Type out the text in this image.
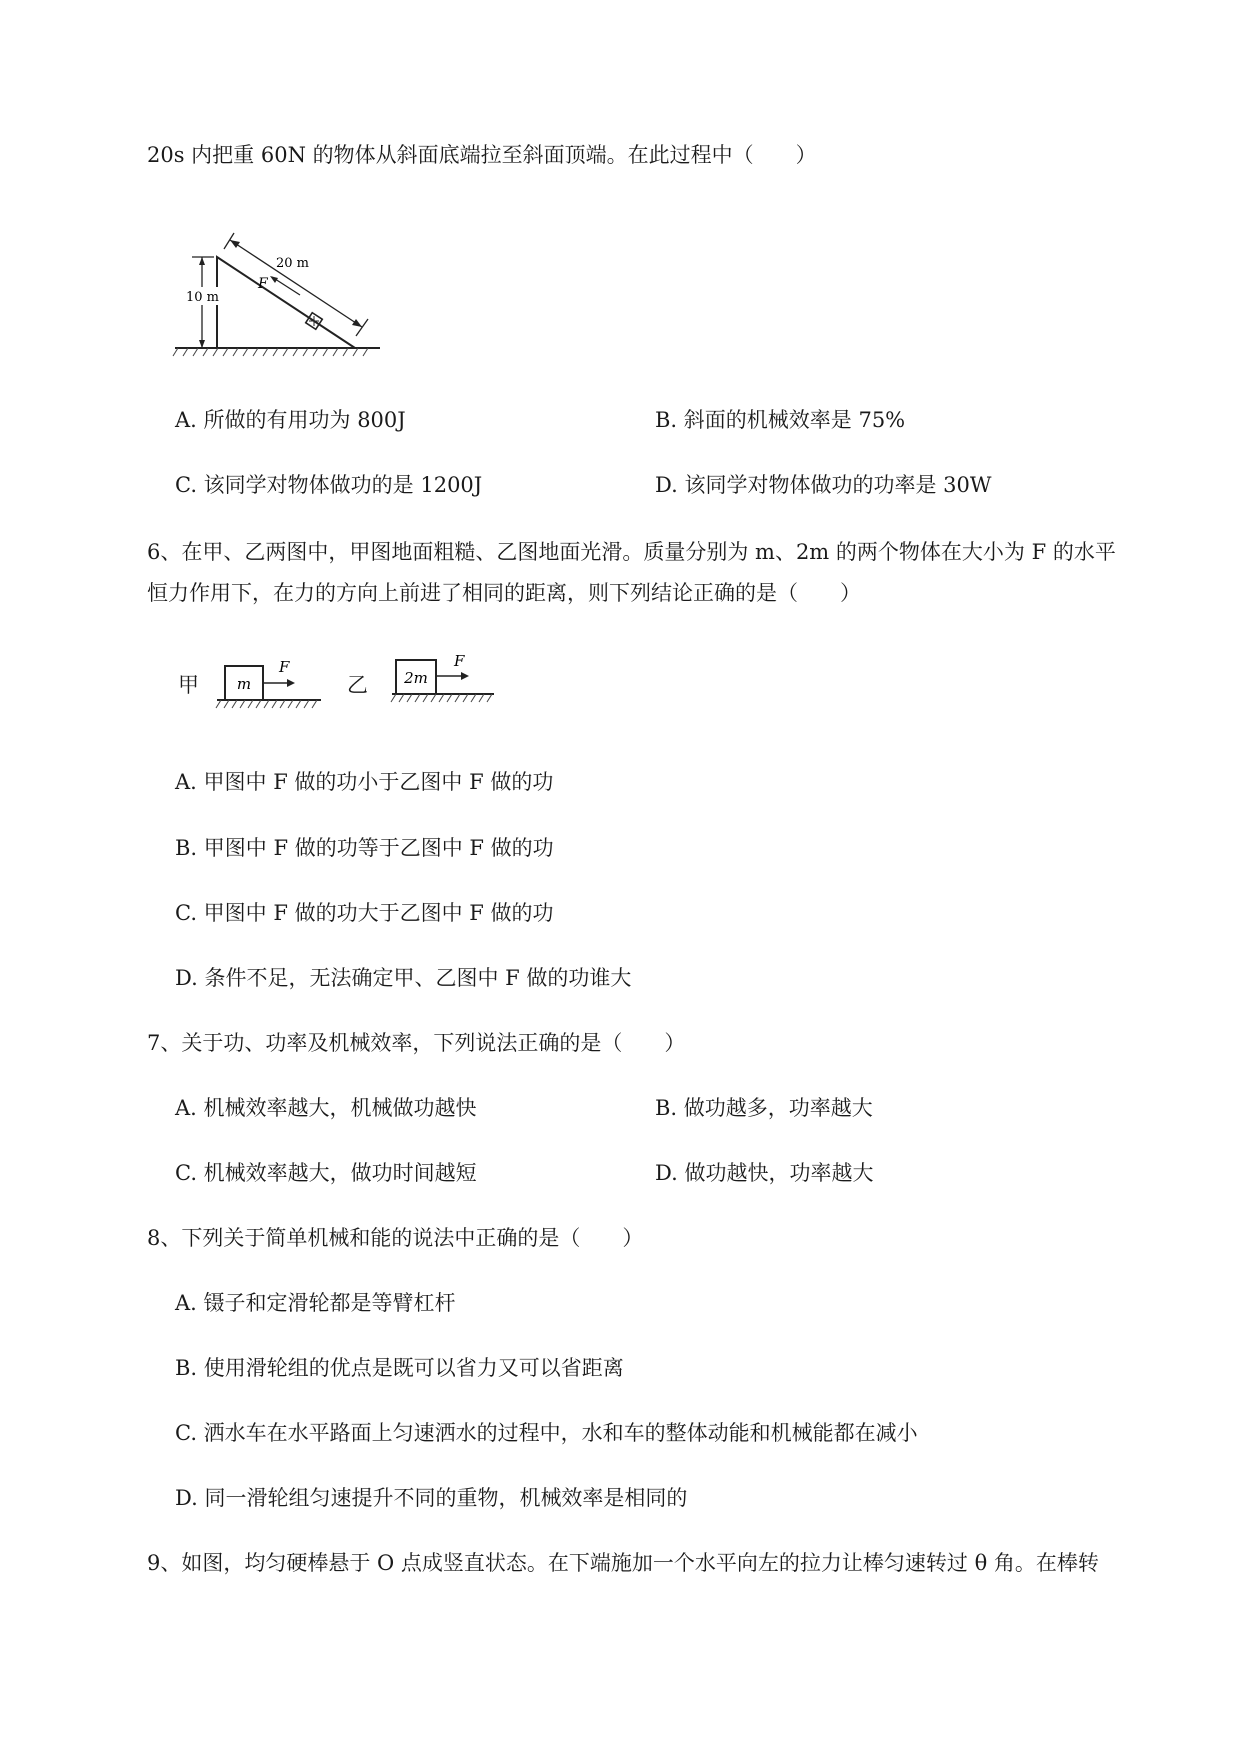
20s 内把重 60N 的物体从斜面底端拉至斜面顶端。在此过程中（　　）
10 m
20 m
F
A. 所做的有用功为 800J	B. 斜面的机械效率是 75%
C. 该同学对物体做功的是 1200J	D. 该同学对物体做功的功率是 30W
6、在甲、乙两图中，甲图地面粗糙、乙图地面光滑。质量分别为 m、2m 的两个物体在大小为 F 的水平
恒力作用下，在力的方向上前进了相同的距离，则下列结论正确的是（　　）
甲	m
F
乙 2m
F
A. 甲图中 F 做的功小于乙图中 F 做的功
B. 甲图中 F 做的功等于乙图中 F 做的功
C. 甲图中 F 做的功大于乙图中 F 做的功
D. 条件不足，无法确定甲、乙图中 F 做的功谁大
7、关于功、功率及机械效率，下列说法正确的是（　　）
A. 机械效率越大，机械做功越快	B. 做功越多，功率越大
C. 机械效率越大，做功时间越短	D. 做功越快，功率越大
8、下列关于简单机械和能的说法中正确的是（　　）
A. 镊子和定滑轮都是等臂杠杆
B. 使用滑轮组的优点是既可以省力又可以省距离
C. 洒水车在水平路面上匀速洒水的过程中，水和车的整体动能和机械能都在减小
D. 同一滑轮组匀速提升不同的重物，机械效率是相同的
9、如图，均匀硬棒悬于 O 点成竖直状态。在下端施加一个水平向左的拉力让棒匀速转过 θ 角。在棒转
